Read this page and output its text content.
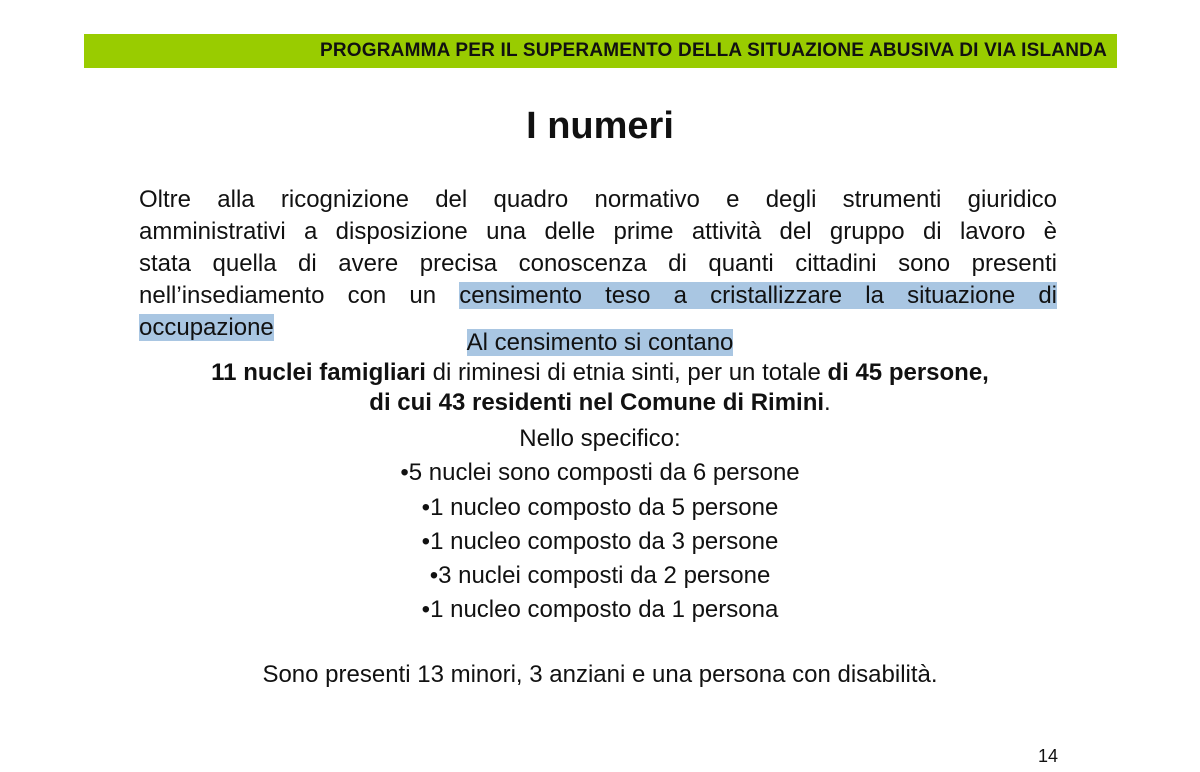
PROGRAMMA PER IL SUPERAMENTO DELLA SITUAZIONE ABUSIVA DI VIA ISLANDA
I numeri
Oltre alla ricognizione del quadro normativo e degli strumenti giuridico
amministrativi a disposizione una delle prime attività del gruppo di lavoro è
stata quella di avere precisa conoscenza di quanti cittadini sono presenti
nell’insediamento con un censimento teso a cristallizzare la situazione di
occupazione
Al censimento si contano
11 nuclei famigliari di riminesi di etnia sinti, per un totale di 45 persone,
di cui 43 residenti nel Comune di Rimini.
Nello specifico:
•5 nuclei sono composti da 6 persone
•1 nucleo composto da 5 persone
•1 nucleo composto da 3 persone
•3 nuclei composti da 2 persone
•1 nucleo composto da 1 persona
Sono presenti 13 minori, 3 anziani e una persona con disabilità.
14
